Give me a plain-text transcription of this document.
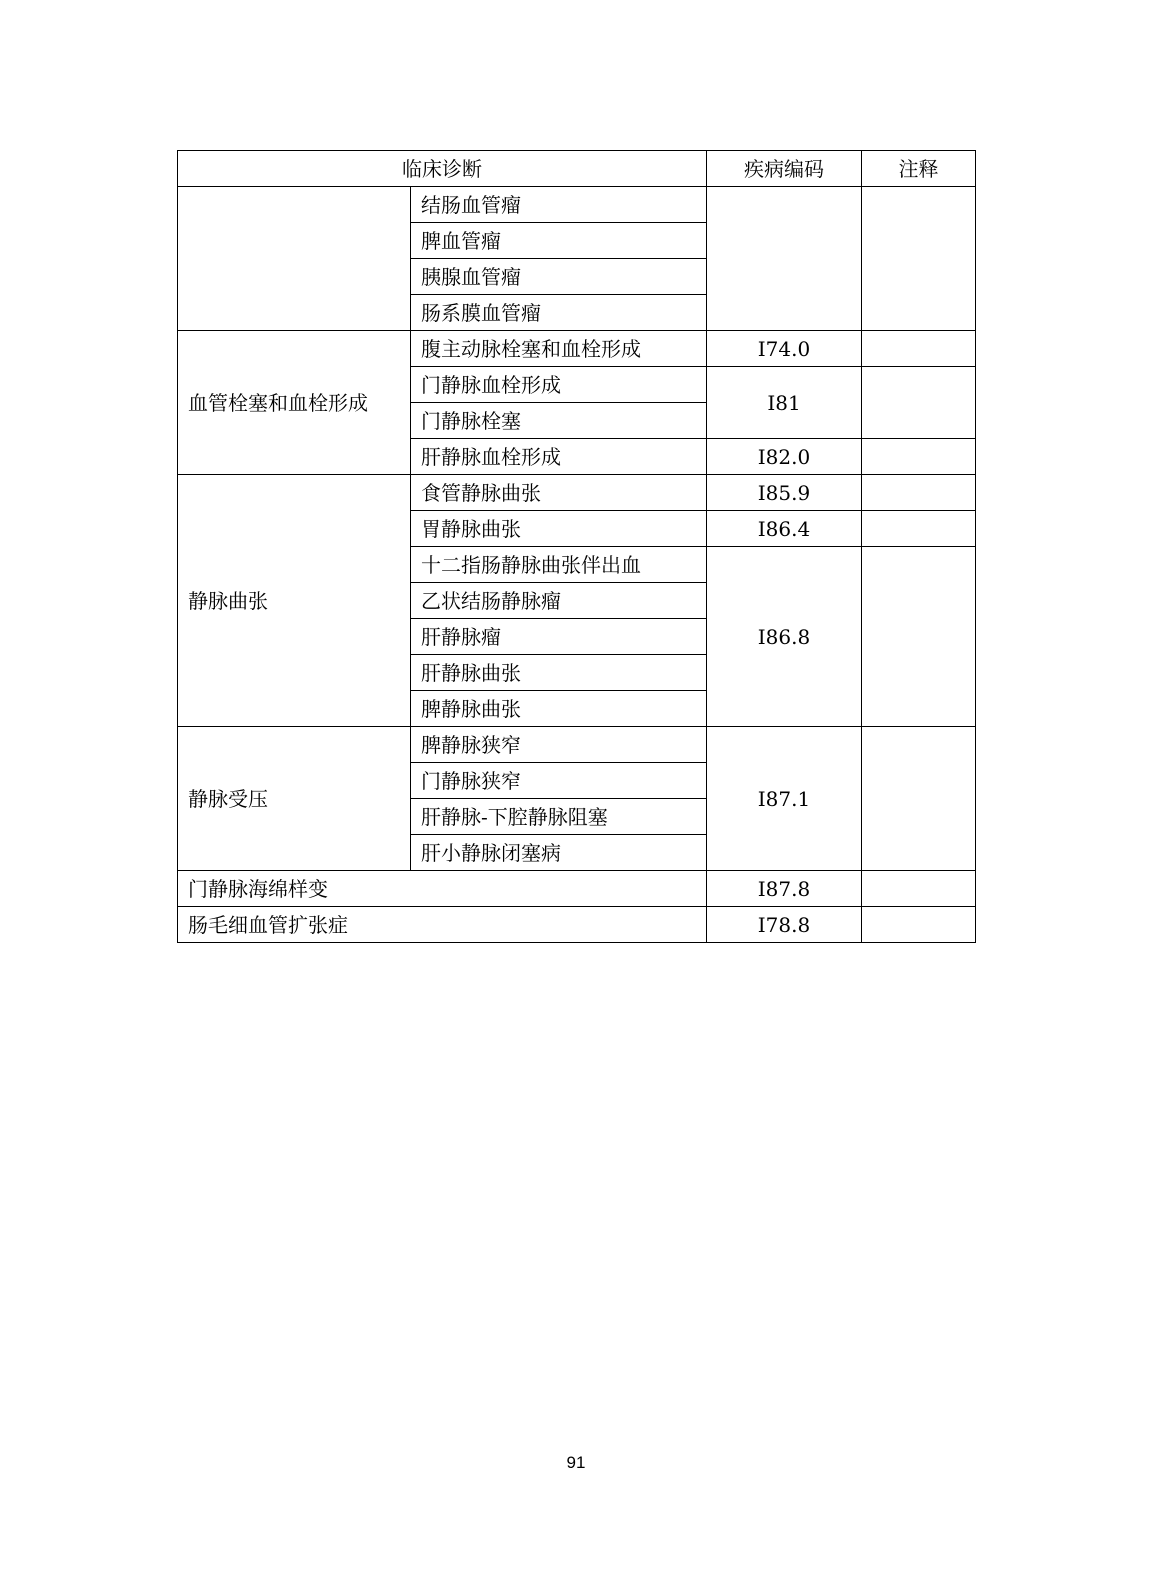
临床诊断		疾病编码	注释
	结肠血管瘤		
	脾血管瘤		
	胰腺血管瘤		
	肠系膜血管瘤		
血管栓塞和血栓形成	腹主动脉栓塞和血栓形成	I74.0	
	门静脉血栓形成	I81	
	门静脉栓塞		
	肝静脉血栓形成	I82.0	
静脉曲张	食管静脉曲张	I85.9	
	胃静脉曲张	I86.4	
	十二指肠静脉曲张伴出血	I86.8	
	乙状结肠静脉瘤		
	肝静脉瘤		
	肝静脉曲张		
	脾静脉曲张		
静脉受压	脾静脉狭窄	I87.1	
	门静脉狭窄		
	肝静脉-下腔静脉阻塞		
	肝小静脉闭塞病		
门静脉海绵样变		I87.8	
肠毛细血管扩张症		I78.8	
91
